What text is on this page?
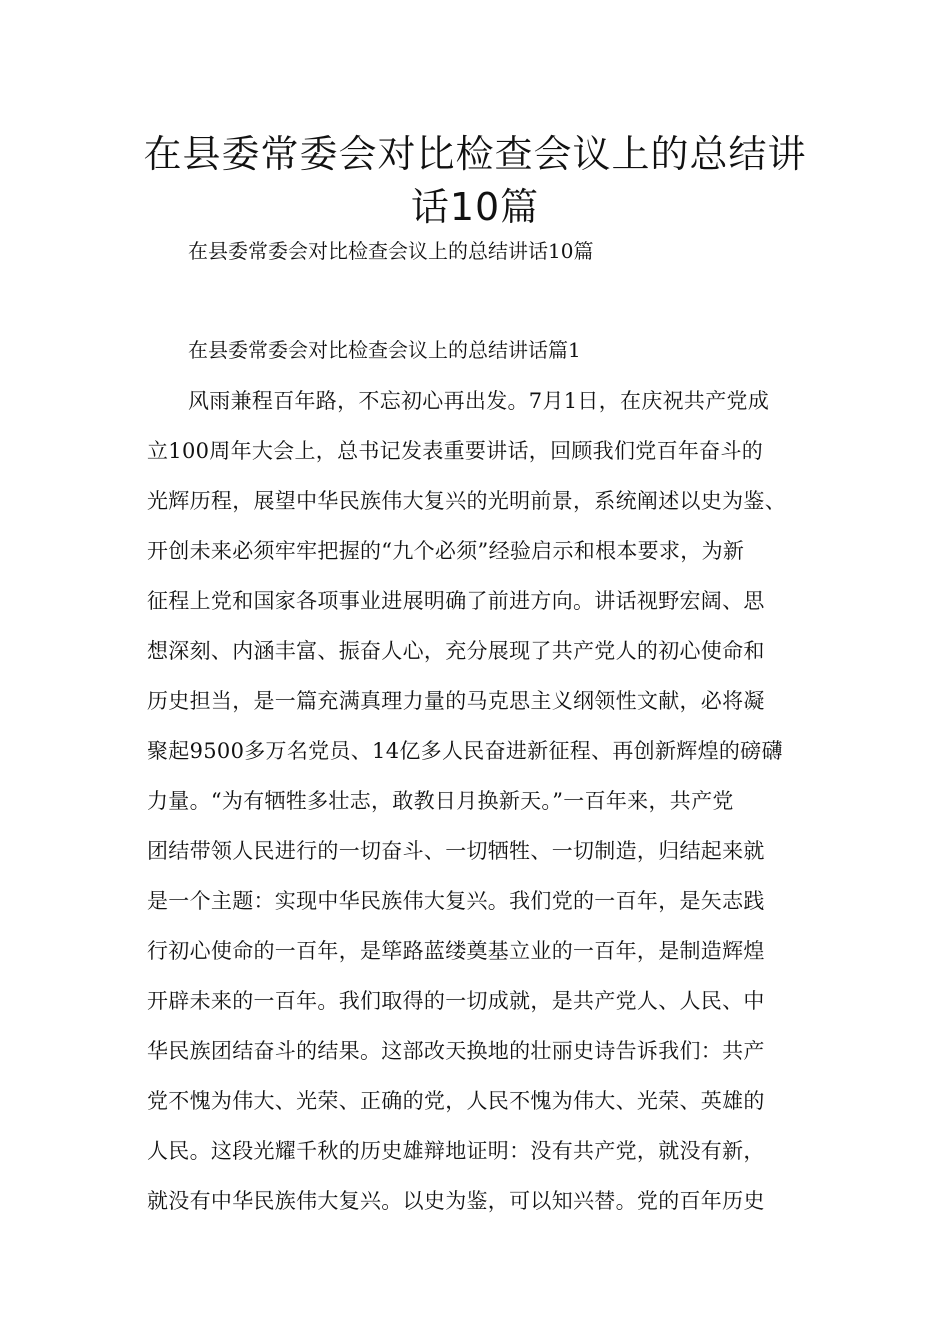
在县委常委会对比检查会议上的总结讲
话10篇
在县委常委会对比检查会议上的总结讲话10篇
在县委常委会对比检查会议上的总结讲话篇1
风雨兼程百年路，不忘初心再出发。7月1日，在庆祝共产党成
立100周年大会上，总书记发表重要讲话，回顾我们党百年奋斗的
光辉历程，展望中华民族伟大复兴的光明前景，系统阐述以史为鉴、
开创未来必须牢牢把握的“九个必须”经验启示和根本要求，为新
征程上党和国家各项事业进展明确了前进方向。讲话视野宏阔、思
想深刻、内涵丰富、振奋人心，充分展现了共产党人的初心使命和
历史担当，是一篇充满真理力量的马克思主义纲领性文献，必将凝
聚起9500多万名党员、14亿多人民奋进新征程、再创新辉煌的磅礴
力量。“为有牺牲多壮志，敢教日月换新天。”一百年来，共产党
团结带领人民进行的一切奋斗、一切牺牲、一切制造，归结起来就
是一个主题：实现中华民族伟大复兴。我们党的一百年，是矢志践
行初心使命的一百年，是筚路蓝缕奠基立业的一百年，是制造辉煌
开辟未来的一百年。我们取得的一切成就，是共产党人、人民、中
华民族团结奋斗的结果。这部改天换地的壮丽史诗告诉我们：共产
党不愧为伟大、光荣、正确的党，人民不愧为伟大、光荣、英雄的
人民。这段光耀千秋的历史雄辩地证明：没有共产党，就没有新，
就没有中华民族伟大复兴。以史为鉴，可以知兴替。党的百年历史
